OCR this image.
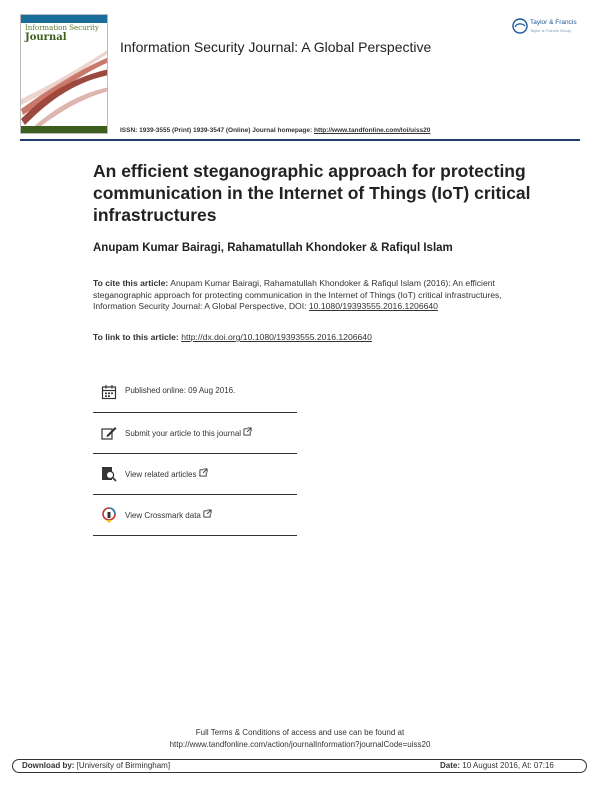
Information Security
Journal
Information Security Journal: A Global Perspective
ISSN: 1939-3555 (Print) 1939-3547 (Online) Journal homepage: http://www.tandfonline.com/loi/uiss20
Taylor & Francis
Taylor & Francis Group
An efficient steganographic approach for protecting communication in the Internet of Things (IoT) critical infrastructures
Anupam Kumar Bairagi, Rahamatullah Khondoker & Rafiqul Islam
To cite this article: Anupam Kumar Bairagi, Rahamatullah Khondoker & Rafiqul Islam (2016): An efficient steganographic approach for protecting communication in the Internet of Things (IoT) critical infrastructures, Information Security Journal: A Global Perspective, DOI: 10.1080/19393555.2016.1206640
To link to this article: http://dx.doi.org/10.1080/19393555.2016.1206640
Published online: 09 Aug 2016.
Submit your article to this journal
View related articles
View Crossmark data
Full Terms & Conditions of access and use can be found at
http://www.tandfonline.com/action/journalInformation?journalCode=uiss20
Download by: [University of Birmingham]	Date: 10 August 2016, At: 07:16
